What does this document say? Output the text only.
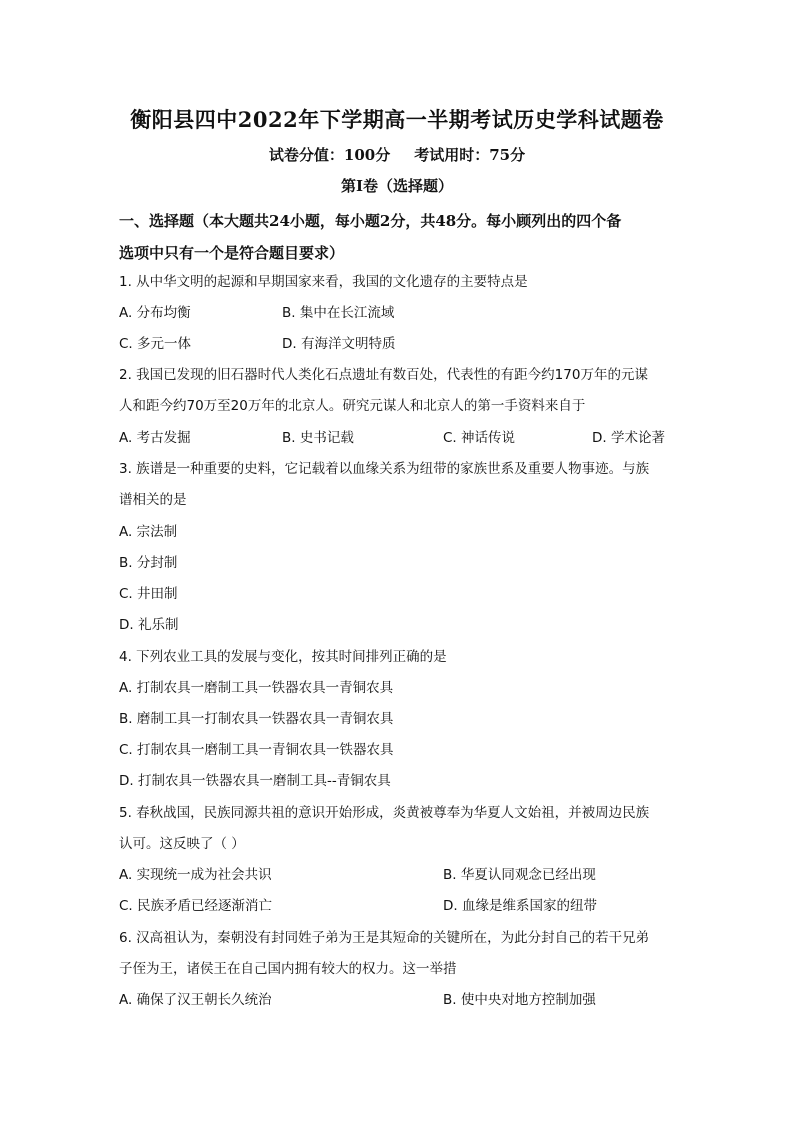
衡阳县四中2022年下学期高一半期考试历史学科试题卷
试卷分值：100分 考试用时：75分
第Ⅰ卷（选择题）
一、选择题（本大题共24小题，每小题2分，共48分。每小顾列出的四个备
选项中只有一个是符合题目要求）
1. 从中华文明的起源和早期国家来看，我国的文化遗存的主要特点是
A. 分布均衡	B. 集中在长江流域
C. 多元一体	D. 有海洋文明特质
2. 我国已发现的旧石器时代人类化石点遗址有数百处，代表性的有距今约170万年的元谋
人和距今约70万至20万年的北京人。研究元谋人和北京人的第一手资料来自于
A. 考古发掘	B. 史书记载	C. 神话传说	D. 学术论著
3. 族谱是一种重要的史料，它记载着以血缘关系为纽带的家族世系及重要人物事迹。与族
谱相关的是
A. 宗法制
B. 分封制
C. 井田制
D. 礼乐制
4. 下列农业工具的发展与变化，按其时间排列正确的是
A. 打制农具一磨制工具一铁器农具一青铜农具
B. 磨制工具一打制农具一铁器农具一青铜农具
C. 打制农具一磨制工具一青铜农具一铁器农具
D. 打制农具一铁器农具一磨制工具--青铜农具
5. 春秋战国，民族同源共祖的意识开始形成，炎黄被尊奉为华夏人文始祖，并被周边民族
认可。这反映了（ ）
A. 实现统一成为社会共识	B. 华夏认同观念已经出现
C. 民族矛盾已经逐渐消亡	D. 血缘是维系国家的纽带
6. 汉高祖认为，秦朝没有封同姓子弟为王是其短命的关键所在，为此分封自己的若干兄弟
子侄为王，诸侯王在自己国内拥有较大的权力。这一举措
A. 确保了汉王朝长久统治	B. 使中央对地方控制加强
